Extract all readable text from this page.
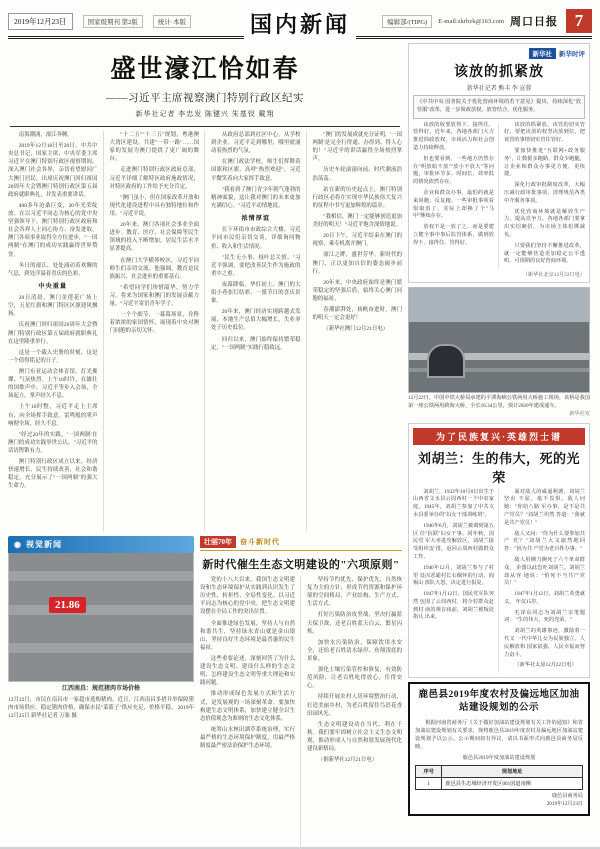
2019年12月23日	国家级期刊 第2版	统计·本版	国内新闻	编辑部/(TIPG)	E-mail:zkrbzk@163.com 周口日报 7
盛世濠江恰如春
——习近平主席视察澳门特别行政区纪实
新华社记者 李忠发 陈键兴 朱基钗 戴翔

南海潮涌，濠江奔腾。

2019年12月18日至20日，中共中央总书记、国家主席、中央军委主席习近平在澳门特别行政区视察期间，深入澳门社会各界，亲切看望慰问广大澳门居民，出席庆祝澳门回归祖国20周年大会暨澳门特别行政区第五届政府就职典礼，并发表重要讲话。

400多年沧桑巨变，20年光荣绽放。在以习近平同志为核心的党中央坚强领导下，澳门特别行政区政府和社会各界人士同心协力、奋发进取，澳门各项事业取得全方位进步，"一国两制"在澳门的成功实践赢得世界赞誉。

冬日的濠江，处处涌动着欢腾的气息，到处洋溢着喜庆的色彩。

中央重量

20日清晨，澳门金莲花广场上空，五星红旗和澳门特区区旗迎风飘扬。

庆祝澳门回归祖国20周年大会暨澳门特别行政区第五届政府就职典礼在这里隆重举行。

这是一个载入史册的时刻，这是一个值得铭记的日子。

澳门东亚运动会体育馆，灯光璀璨，气氛热烈。上午10时许，在雄壮的国歌声中，习近平等步入会场，全场起立，掌声经久不息。

上午10时整，习近平走上主席台，向全场挥手致意。雷鸣般的掌声响彻全场，经久不息。

"经过20年的实践，'一国两制'在澳门的成功实践举世公认。"习近平的话语铿锵有力。

澳门特别行政区成立以来，经济快速增长，民生持续改善，社会和谐稳定，充分展示了"一国两制"的强大生命力。

"十二五""十三五"规划，粤港澳大湾区建设，共建"一带一路"……国家的发展为澳门提供了更广阔的舞台。

走进澳门特别行政区政府总部，习近平详细了解特区政府施政情况，对特区政府的工作给予充分肯定。

"澳门虽小，但在国家改革开放和现代化建设进程中具有独特地位和作用。"习近平说。

20年来，澳门各项社会事业全面进步。教育、医疗、社会保障等民生领域的投入不断增加，居民生活水平显著提高。

在澳门大学横琴校区，习近平同师生们亲切交流。他强调，教育是民族振兴、社会进步的重要基石。

"希望同学们珍惜韶华、努力学习，将来为国家和澳门的发展贡献力量。"习近平寄语青年学子。

一个个细节，一幕幕场景，诠释着浓浓的家国情怀，展现着中央对澳门同胞的亲切关怀。

从政府总部到社区中心，从学校到企业，习近平走到哪里，哪里就涌动着热烈的气氛。

在澳门政法学校，师生们挥舞着国旗和区旗，高呼"热烈欢迎"。习近平微笑着向大家挥手致意。

"我看到了澳门青少年朝气蓬勃的精神面貌，这让我对澳门的未来更加充满信心。"习近平动情地说。

浓情厚谊

在下环街市市政综合大楼，习近平同市民们亲切交谈，详细询问物价、收入和生活情况。

"民生无小事，枝叶总关情。"习近平强调，要把改善民生作为施政的重中之重。

夜幕降临，华灯初上。澳门的大街小巷张灯结彩，一派节日的喜庆景象。

20年来，澳门经济实现跨越式发展，本地生产总值大幅增长，失业率处于历史低位。

回归以来，澳门始终保持繁荣稳定，"一国两制"实践行稳致远。

"澳门的发展成就充分证明，'一国两制'是完全行得通、办得到、得人心的！"习近平的讲话赢得全场热烈掌声。

历史车轮滚滚向前，时代潮流浩浩荡荡。

站在新的历史起点上，澳门特别行政区必将在实现中华民族伟大复兴的征程中书写更加辉煌的篇章。

"我相信，澳门一定能够创造更加美好的明天！"习近平饱含深情地说。

20日下午，习近平结束在澳门的视察，乘专机离开澳门。

濠江之畔，盛世芳华。新时代的澳门，正以更加自信的姿态阔步前行。

20年来，中央政府始终是澳门繁荣稳定的坚强后盾，始终关心澳门同胞的福祉。

春潮澎湃处，扬帆奋进时。澳门的明天一定会更好！

（新华社澳门12月21日电）

◉ 视觉新闻
21.86
江西南昌：规范猪肉市场价格
12月22日，市民在南昌市一家超市选购猪肉。近日，江西南昌多措并举保障猪肉市场供应，稳定猪肉价格，确保市民"菜篮子"供应充足、价格平稳。 2019年12月25日 新华社记者 万象 摄
壮丽70年	奋斗新时代
新时代催生生态文明建设的"六项原则"

党的十八大以来，我国生态文明建设和生态环境保护从实践到认识发生了历史性、转折性、全局性变化。以习近平同志为核心的党中央，把生态文明建设摆在全局工作的突出位置。

全面推进绿色发展，坚持人与自然和谐共生，坚持绿水青山就是金山银山，坚持良好生态环境是最普惠的民生福祉。

这些重要论述，深刻回答了为什么建设生态文明、建设什么样的生态文明、怎样建设生态文明等重大理论和实践问题。

推动形成绿色发展方式和生活方式，是发展观的一场深刻革命。要加快构建生态文明体系，加快建立健全以生态价值观念为准则的生态文化体系。

统筹山水林田湖草系统治理，实行最严格的生态环境保护制度，用最严格制度最严密法治保护生态环境。

坚持节约优先、保护优先、自然恢复为主的方针，形成节约资源和保护环境的空间格局、产业结构、生产方式、生活方式。

打好污染防治攻坚战，坚决打赢蓝天保卫战，还老百姓蓝天白云、繁星闪烁。

加快水污染防治，保障饮用水安全，还给老百姓清水绿岸、鱼翔浅底的景象。

强化土壤污染管控和修复，有效防范风险，让老百姓吃得放心、住得安心。

持续开展农村人居环境整治行动，打造美丽乡村，为老百姓留住鸟语花香田园风光。

生态文明建设功在当代、利在千秋。我们要牢固树立社会主义生态文明观，推动形成人与自然和谐发展现代化建设新格局。

（据新华社12月21日电）

新华社	新华时评
该放的抓紧放
新华社记者 熊丰 李 宣蓉
《中共中央 国务院关于优化营商环境的若干意见》提出，持续深化"放管服"改革，进一步简政放权、放管结合、优化服务。

该放的权要放得下、接得住、管得好。近年来，各地各部门大力推进简政放权，市场活力和社会创造力持续释放。

但也要看到，一些地方仍然存在"明放暗不放""放小不放大"等问题，审批环节多、时间长、效率低的情况依然存在。

企业和群众办事，最怕的就是来回跑、反复跑。一些审批事项看似取消了，实际上却换了个"马甲"继续存在。

放权不是一放了之，而是要建立健全事中事后监管体系，做到放得下、接得住、管得好。

该放的抓紧放，该管的切实管好。要把该放的权坚决放到位，把该管的事情切实管住管好。

要加快推进"互联网+政务服务"，让数据多跑路、群众少跑腿，让企业和群众办事更方便、更快捷。

深化行政审批制度改革，大幅压减行政审批事项，清理规范各类中介服务事项。

优化营商环境就是解放生产力、提高竞争力。各地各部门要拿出实招硬招，为市场主体松绑减负。

只要我们坚持不懈推进改革，就一定能够营造更加稳定公平透明、可预期的良好营商环境。

（新华社北京12月22日电）
12月22日，中国中铁大桥局承建的平潭海峡公铁两用大桥施工现场。该桥是我国第一座公铁两用跨海大桥，全长16.34公里，预计2020年建成通车。
新华社发
为了民族复兴·英雄烈士谱
刘胡兰：生的伟大，死的光荣

刘胡兰，1932年10月8日出生于山西省文水县云周西村一个中农家庭。1945年，刘胡兰参加了中共文水县委举办的"妇女干部训练班"。

1946年6月，刘胡兰被调到第五区 任"抗联"妇女干事。同年秋，国民党 军大举进攻解放区，刘胡兰接受组织安 排，返回云周西村做群众工作。

1946年12月，刘胡兰参与了村里 处决恶霸村长石佩怀的行动。阎锡山 部队大怒，决定进行报复。

1947年1月12日，国民党军队突然 包围了云周西村，将全村群众赶到村 南的观音庙前，刘胡兰被叛徒指认 出来。

面对敌人的威逼利诱，刘胡兰坚贞 不屈，毫不畏惧。敌人问她："你给八路 军办事，是不是共产党员？"刘胡兰坦然 答道："我就是共产党员！"

敌人又问："你为什么要参加共产 党？"刘胡兰大义凛然地回答："因为共 产党为老百姓办事。"

敌人用铡刀铡死了六个革命群众， 企图以此恐吓刘胡兰。刘胡兰却从容 地说："怕死不当共产党员！"

1947年1月12日，刘胡兰英勇就义， 年仅15岁。

毛泽东同志为刘胡兰亲笔题词： "生的伟大，死的光荣。"

刘胡兰的英雄事迹，激励着一代又 一代中华儿女为民族独立、人民解放和 国家富强、人民幸福而努力奋斗。

（新华社太原12月22日电）

鹿邑县2019年度农村及偏远地区加油站建设规划的公示
根据河南省商务厅《关于做好加油站建设规划有关工作的通知》和省加油站建设规划有关要求，现将鹿邑县2019年度农村及偏远地区加油站建设规划予以公示。公示期间如有异议，请以书面形式向鹿邑县商务局反映。
鹿邑县2019年度加油站建设规划
序号	规划地址
1	鹿邑县生态城经济开发区001国道南侧
鹿邑县商务局
2019年12月23日
